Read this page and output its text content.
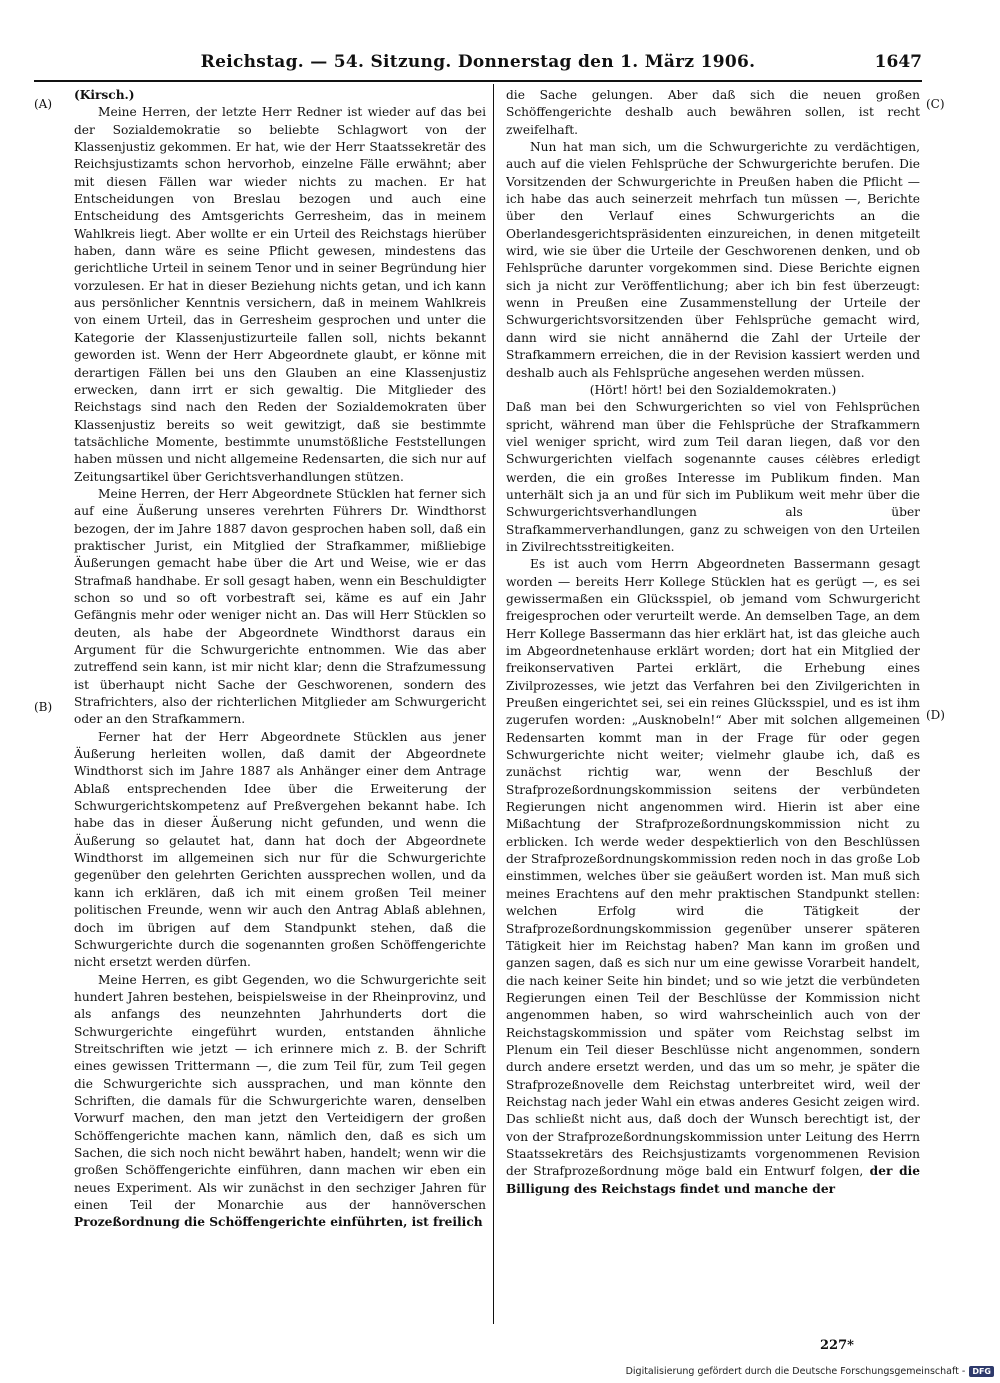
Reichstag. — 54. Sitzung. Donnerstag den 1. März 1906.	1647
(A)
(B)
(C)
(D)

(Kirsch.)

Meine Herren, der letzte Herr Redner ist wieder auf das bei der Sozialdemokratie so beliebte Schlagwort von der Klassenjustiz gekommen. Er hat, wie der Herr Staatssekretär des Reichsjustizamts schon hervorhob, einzelne Fälle erwähnt; aber mit diesen Fällen war wieder nichts zu machen. Er hat Entscheidungen von Breslau bezogen und auch eine Entscheidung des Amtsgerichts Gerresheim, das in meinem Wahlkreis liegt. Aber wollte er ein Urteil des Reichstags hierüber haben, dann wäre es seine Pflicht gewesen, mindestens das gerichtliche Urteil in seinem Tenor und in seiner Begründung hier vorzulesen. Er hat in dieser Beziehung nichts getan, und ich kann aus persönlicher Kenntnis versichern, daß in meinem Wahlkreis von einem Urteil, das in Gerresheim gesprochen und unter die Kategorie der Klassenjustizurteile fallen soll, nichts bekannt geworden ist. Wenn der Herr Abgeordnete glaubt, er könne mit derartigen Fällen bei uns den Glauben an eine Klassenjustiz erwecken, dann irrt er sich gewaltig. Die Mitglieder des Reichstags sind nach den Reden der Sozialdemokraten über Klassenjustiz bereits so weit gewitzigt, daß sie bestimmte tatsächliche Momente, bestimmte unumstößliche Feststellungen haben müssen und nicht allgemeine Redensarten, die sich nur auf Zeitungsartikel über Gerichtsverhandlungen stützen.

Meine Herren, der Herr Abgeordnete Stücklen hat ferner sich auf eine Äußerung unseres verehrten Führers Dr. Windthorst bezogen, der im Jahre 1887 davon gesprochen haben soll, daß ein praktischer Jurist, ein Mitglied der Strafkammer, mißliebige Äußerungen gemacht habe über die Art und Weise, wie er das Strafmaß handhabe. Er soll gesagt haben, wenn ein Beschuldigter schon so und so oft vorbestraft sei, käme es auf ein Jahr Gefängnis mehr oder weniger nicht an. Das will Herr Stücklen so deuten, als habe der Abgeordnete Windthorst daraus ein Argument für die Schwurgerichte entnommen. Wie das aber zutreffend sein kann, ist mir nicht klar; denn die Strafzumessung ist überhaupt nicht Sache der Geschworenen, sondern des Strafrichters, also der richterlichen Mitglieder am Schwurgericht oder an den Strafkammern.

Ferner hat der Herr Abgeordnete Stücklen aus jener Äußerung herleiten wollen, daß damit der Abgeordnete Windthorst sich im Jahre 1887 als Anhänger einer dem Antrage Ablaß entsprechenden Idee über die Erweiterung der Schwurgerichtskompetenz auf Preßvergehen bekannt habe. Ich habe das in dieser Äußerung nicht gefunden, und wenn die Äußerung so gelautet hat, dann hat doch der Abgeordnete Windthorst im allgemeinen sich nur für die Schwurgerichte gegenüber den gelehrten Gerichten aussprechen wollen, und da kann ich erklären, daß ich mit einem großen Teil meiner politischen Freunde, wenn wir auch den Antrag Ablaß ablehnen, doch im übrigen auf dem Standpunkt stehen, daß die Schwurgerichte durch die sogenannten großen Schöffengerichte nicht ersetzt werden dürfen.

Meine Herren, es gibt Gegenden, wo die Schwurgerichte seit hundert Jahren bestehen, beispielsweise in der Rheinprovinz, und als anfangs des neunzehnten Jahrhunderts dort die Schwurgerichte eingeführt wurden, entstanden ähnliche Streitschriften wie jetzt — ich erinnere mich z. B. der Schrift eines gewissen Trittermann —, die zum Teil für, zum Teil gegen die Schwurgerichte sich aussprachen, und man könnte den Schriften, die damals für die Schwurgerichte waren, denselben Vorwurf machen, den man jetzt den Verteidigern der großen Schöffengerichte machen kann, nämlich den, daß es sich um Sachen, die sich noch nicht bewährt haben, handelt; wenn wir die großen Schöffengerichte einführen, dann machen wir eben ein neues Experiment. Als wir zunächst in den sechziger Jahren für einen Teil der Monarchie aus der hannöverschen Prozeßordnung die Schöffengerichte einführten, ist freilich

die Sache gelungen. Aber daß sich die neuen großen Schöffengerichte deshalb auch bewähren sollen, ist recht zweifelhaft.

Nun hat man sich, um die Schwurgerichte zu verdächtigen, auch auf die vielen Fehlsprüche der Schwurgerichte berufen. Die Vorsitzenden der Schwurgerichte in Preußen haben die Pflicht — ich habe das auch seinerzeit mehrfach tun müssen —, Berichte über den Verlauf eines Schwurgerichts an die Oberlandesgerichtspräsidenten einzureichen, in denen mitgeteilt wird, wie sie über die Urteile der Geschworenen denken, und ob Fehlsprüche darunter vorgekommen sind. Diese Berichte eignen sich ja nicht zur Veröffentlichung; aber ich bin fest überzeugt: wenn in Preußen eine Zusammenstellung der Urteile der Schwurgerichtsvorsitzenden über Fehlsprüche gemacht wird, dann wird sie nicht annähernd die Zahl der Urteile der Strafkammern erreichen, die in der Revision kassiert werden und deshalb auch als Fehlsprüche angesehen werden müssen.

(Hört! hört! bei den Sozialdemokraten.)

Daß man bei den Schwurgerichten so viel von Fehlsprüchen spricht, während man über die Fehlsprüche der Strafkammern viel weniger spricht, wird zum Teil daran liegen, daß vor den Schwurgerichten vielfach sogenannte causes célèbres erledigt werden, die ein großes Interesse im Publikum finden. Man unterhält sich ja an und für sich im Publikum weit mehr über die Schwurgerichtsverhandlungen als über Strafkammerverhandlungen, ganz zu schweigen von den Urteilen in Zivilrechtsstreitigkeiten.

Es ist auch vom Herrn Abgeordneten Bassermann gesagt worden — bereits Herr Kollege Stücklen hat es gerügt —, es sei gewissermaßen ein Glücksspiel, ob jemand vom Schwurgericht freigesprochen oder verurteilt werde. An demselben Tage, an dem Herr Kollege Bassermann das hier erklärt hat, ist das gleiche auch im Abgeordnetenhause erklärt worden; dort hat ein Mitglied der freikonservativen Partei erklärt, die Erhebung eines Zivilprozesses, wie jetzt das Verfahren bei den Zivilgerichten in Preußen eingerichtet sei, sei ein reines Glücksspiel, und es ist ihm zugerufen worden: „Ausknobeln!“ Aber mit solchen allgemeinen Redensarten kommt man in der Frage für oder gegen Schwurgerichte nicht weiter; vielmehr glaube ich, daß es zunächst richtig war, wenn der Beschluß der Strafprozeßordnungskommission seitens der verbündeten Regierungen nicht angenommen wird. Hierin ist aber eine Mißachtung der Strafprozeßordnungskommission nicht zu erblicken. Ich werde weder despektierlich von den Beschlüssen der Strafprozeßordnungskommission reden noch in das große Lob einstimmen, welches über sie geäußert worden ist. Man muß sich meines Erachtens auf den mehr praktischen Standpunkt stellen: welchen Erfolg wird die Tätigkeit der Strafprozeßordnungskommission gegenüber unserer späteren Tätigkeit hier im Reichstag haben? Man kann im großen und ganzen sagen, daß es sich nur um eine gewisse Vorarbeit handelt, die nach keiner Seite hin bindet; und so wie jetzt die verbündeten Regierungen einen Teil der Beschlüsse der Kommission nicht angenommen haben, so wird wahrscheinlich auch von der Reichstagskommission und später vom Reichstag selbst im Plenum ein Teil dieser Beschlüsse nicht angenommen, sondern durch andere ersetzt werden, und das um so mehr, je später die Strafprozeßnovelle dem Reichstag unterbreitet wird, weil der Reichstag nach jeder Wahl ein etwas anderes Gesicht zeigen wird. Das schließt nicht aus, daß doch der Wunsch berechtigt ist, der von der Strafprozeßordnungskommission unter Leitung des Herrn Staatssekretärs des Reichsjustizamts vorgenommenen Revision der Strafprozeßordnung möge bald ein Entwurf folgen, der die Billigung des Reichstags findet und manche der

227*
Digitalisierung gefördert durch die Deutsche Forschungsgemeinschaft - DFG
